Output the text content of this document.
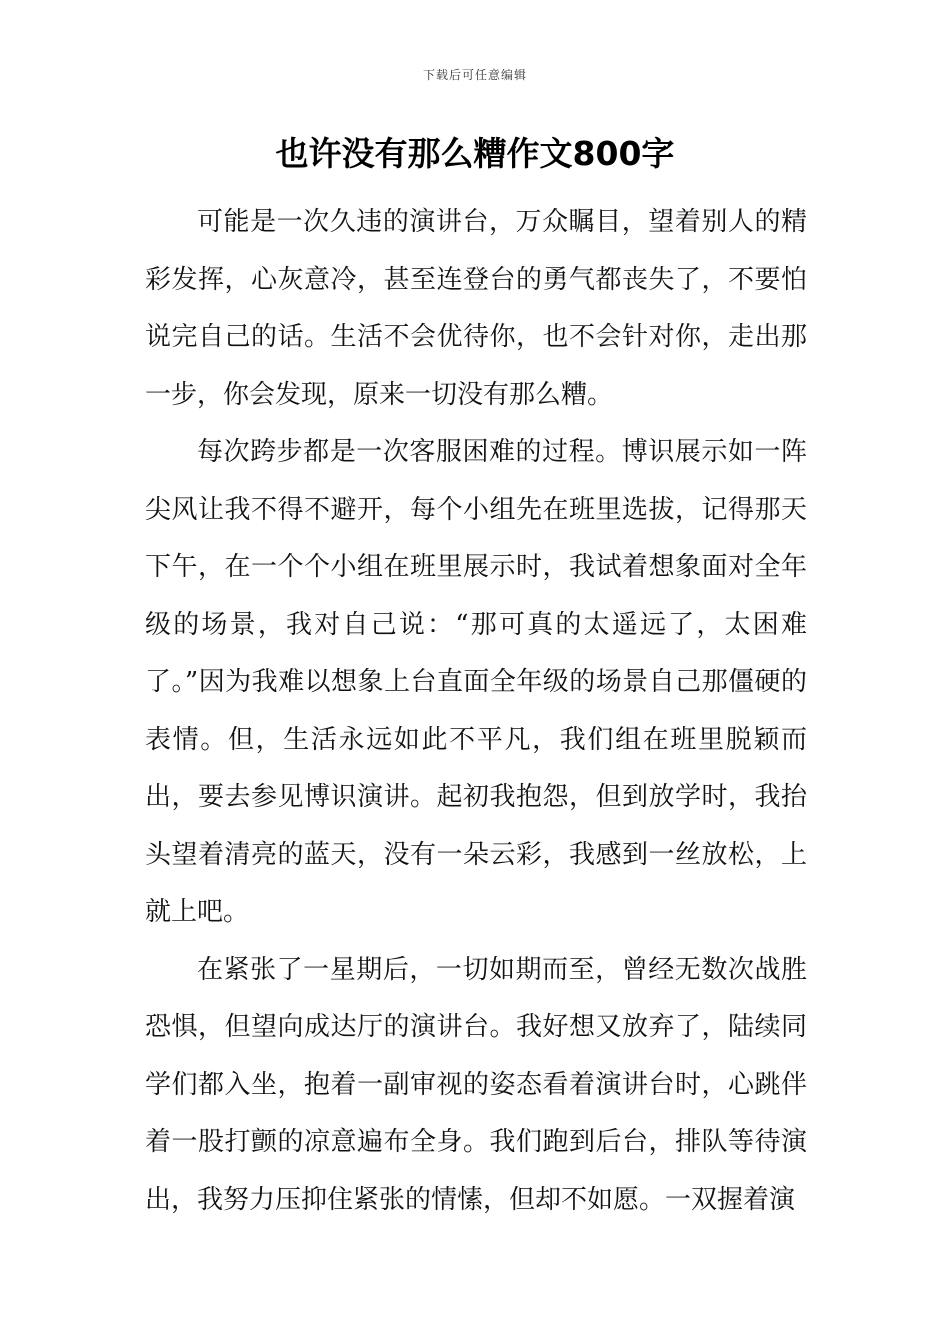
下载后可任意编辑
也许没有那么糟作文800字

可能是一次久违的演讲台，万众瞩目，望着别人的精彩发挥，心灰意冷，甚至连登台的勇气都丧失了，不要怕说完自己的话。生活不会优待你，也不会针对你，走出那一步，你会发现，原来一切没有那么糟。

每次跨步都是一次客服困难的过程。博识展示如一阵尖风让我不得不避开，每个小组先在班里选拔，记得那天下午，在一个个小组在班里展示时，我试着想象面对全年级的场景，我对自己说：“那可真的太遥远了，太困难了。”因为我难以想象上台直面全年级的场景自己那僵硬的表情。但，生活永远如此不平凡，我们组在班里脱颖而出，要去参见博识演讲。起初我抱怨，但到放学时，我抬头望着清亮的蓝天，没有一朵云彩，我感到一丝放松，上就上吧。

在紧张了一星期后，一切如期而至，曾经无数次战胜恐惧，但望向成达厅的演讲台。我好想又放弃了，陆续同学们都入坐，抱着一副审视的姿态看着演讲台时，心跳伴着一股打颤的凉意遍布全身。我们跑到后台，排队等待演出，我努力压抑住紧张的情愫，但却不如愿。一双握着演
